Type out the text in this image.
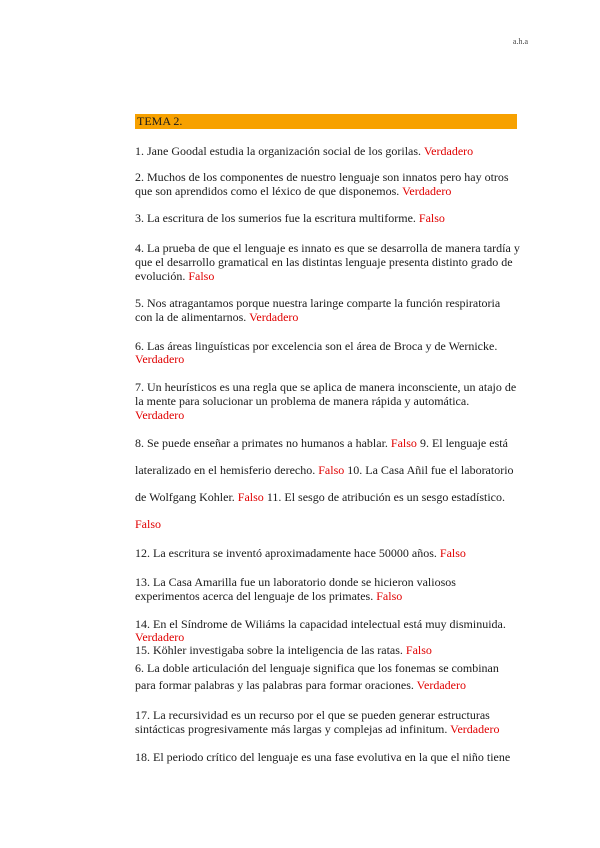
a.h.a
TEMA 2.
1. Jane Goodal estudia la organización social de los gorilas. Verdadero
2. Muchos de los componentes de nuestro lenguaje son innatos pero hay otros
que son aprendidos como el léxico de que disponemos. Verdadero
3. La escritura de los sumerios fue la escritura multiforme. Falso
4. La prueba de que el lenguaje es innato es que se desarrolla de manera tardía y
que el desarrollo gramatical en las distintas lenguaje presenta distinto grado de
evolución. Falso
5. Nos atragantamos porque nuestra laringe comparte la función respiratoria
con la de alimentarnos. Verdadero
6. Las áreas linguísticas por excelencia son el área de Broca y de Wernicke.
Verdadero
7. Un heurísticos es una regla que se aplica de manera inconsciente, un atajo de
la mente para solucionar un problema de manera rápida y automática.
Verdadero
8. Se puede enseñar a primates no humanos a hablar. Falso 9. El lenguaje está
lateralizado en el hemisferio derecho. Falso 10. La Casa Añil fue el laboratorio
de Wolfgang Kohler. Falso 11. El sesgo de atribución es un sesgo estadístico.
Falso
12. La escritura se inventó aproximadamente hace 50000 años. Falso
13. La Casa Amarilla fue un laboratorio donde se hicieron valiosos
experimentos acerca del lenguaje de los primates. Falso
14. En el Síndrome de Wiliáms la capacidad intelectual está muy disminuida.
Verdadero
15. Köhler investigaba sobre la inteligencia de las ratas. Falso
6. La doble articulación del lenguaje significa que los fonemas se combinan
para formar palabras y las palabras para formar oraciones. Verdadero
17. La recursividad es un recurso por el que se pueden generar estructuras
sintácticas progresivamente más largas y complejas ad infinitum. Verdadero
18. El periodo crítico del lenguaje es una fase evolutiva en la que el niño tiene
